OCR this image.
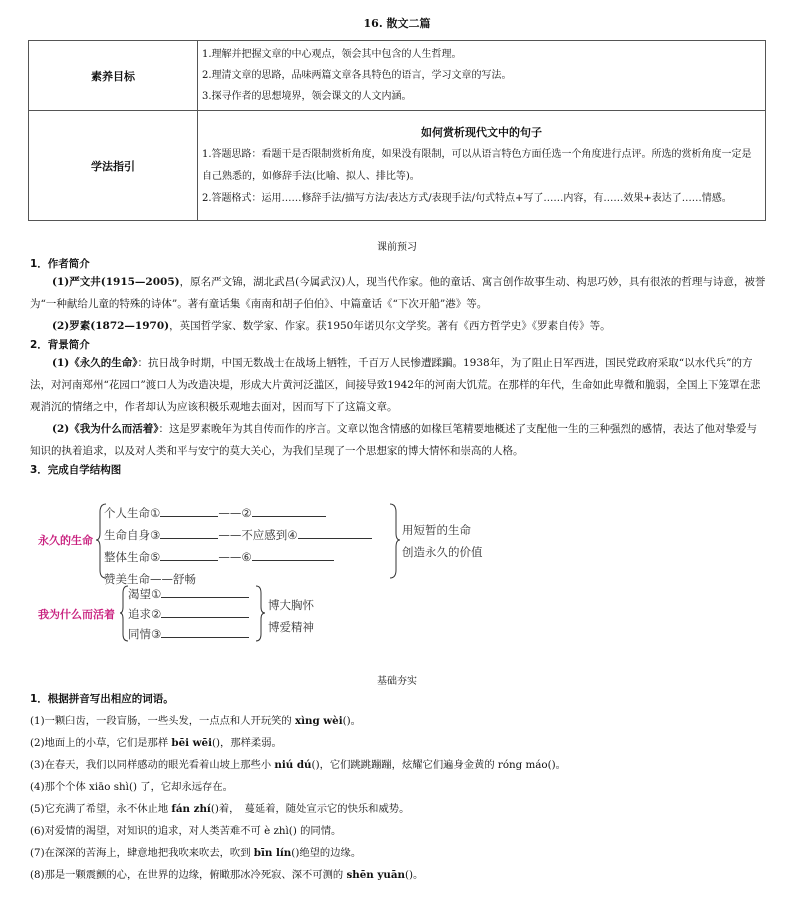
16. 散文二篇
素养目标	1.理解并把握文章的中心观点，领会其中包含的人生哲理。
2.理清文章的思路，品味两篇文章各具特色的语言，学习文章的写法。
3.探寻作者的思想境界，领会课文的人文内涵。

学法指引	如何赏析现代文中的句子
1.答题思路：看题干是否限制赏析角度，如果没有限制，可以从语言特色方面任选一个角度进行点评。所选的赏析角度一定是自己熟悉的，如修辞手法(比喻、拟人、排比等)。
2.答题格式：运用……修辞手法/描写方法/表达方式/表现手法/句式特点+写了……内容，有……效果+表达了……情感。
课前预习
1．作者简介
(1)严文井(1915—2005)，原名严文锦，湖北武昌(今属武汉)人，现当代作家。他的童话、寓言创作故事生动、构思巧妙，具有很浓的哲理与诗意，被誉为“一种献给儿童的特殊的诗体”。著有童话集《南南和胡子伯伯》、中篇童话《“下次开船”港》等。
(2)罗素(1872—1970)，英国哲学家、数学家、作家。获1950年诺贝尔文学奖。著有《西方哲学史》《罗素自传》等。
2．背景简介
(1)《永久的生命》：抗日战争时期，中国无数战士在战场上牺牲，千百万人民惨遭蹂躏。1938年，为了阻止日军西进，国民党政府采取“以水代兵”的方法，对河南郑州“花园口”渡口人为改造决堤，形成大片黄河泛滥区，间接导致1942年的河南大饥荒。在那样的年代，生命如此卑微和脆弱，全国上下笼罩在悲观消沉的情绪之中，作者却认为应该积极乐观地去面对，因而写下了这篇文章。
(2)《我为什么而活着》：这是罗素晚年为其自传而作的序言。文章以饱含情感的如椽巨笔精要地概述了支配他一生的三种强烈的感情，表达了他对挚爱与知识的执着追求，以及对人类和平与安宁的莫大关心，为我们呈现了一个思想家的博大情怀和崇高的人格。
3．完成自学结构图
永久的生命
个人生命①	——②
生命自身③	——不应感到④
整体生命⑤	——⑥
赞美生命——舒畅
用短暂的生命
创造永久的价值
我为什么而活着
渴望①
追求②
同情③
博大胸怀
博爱精神
基础夯实
1．根据拼音写出相应的词语。
(1)一颗臼齿，一段盲肠，一些头发，一点点和人开玩笑的 xìng wèi()。
(2)地面上的小草，它们是那样 bēi wēi()，那样柔弱。
(3)在春天，我们以同样感动的眼光看着山坡上那些小 niú dú()，它们跳跳蹦蹦，炫耀它们遍身金黄的 róng máo()。
(4)那个个体 xiāo shì() 了，它却永远存在。
(5)它充满了希望，永不休止地 fán zhí()着，　蔓延着，随处宣示它的快乐和威势。
(6)对爱情的渴望，对知识的追求，对人类苦难不可 è zhì() 的同情。
(7)在深深的苦海上，肆意地把我吹来吹去，吹到 bīn lín()绝望的边缘。
(8)那是一颗震颤的心，在世界的边缘，俯瞰那冰冷死寂、深不可测的 shēn yuān()。
